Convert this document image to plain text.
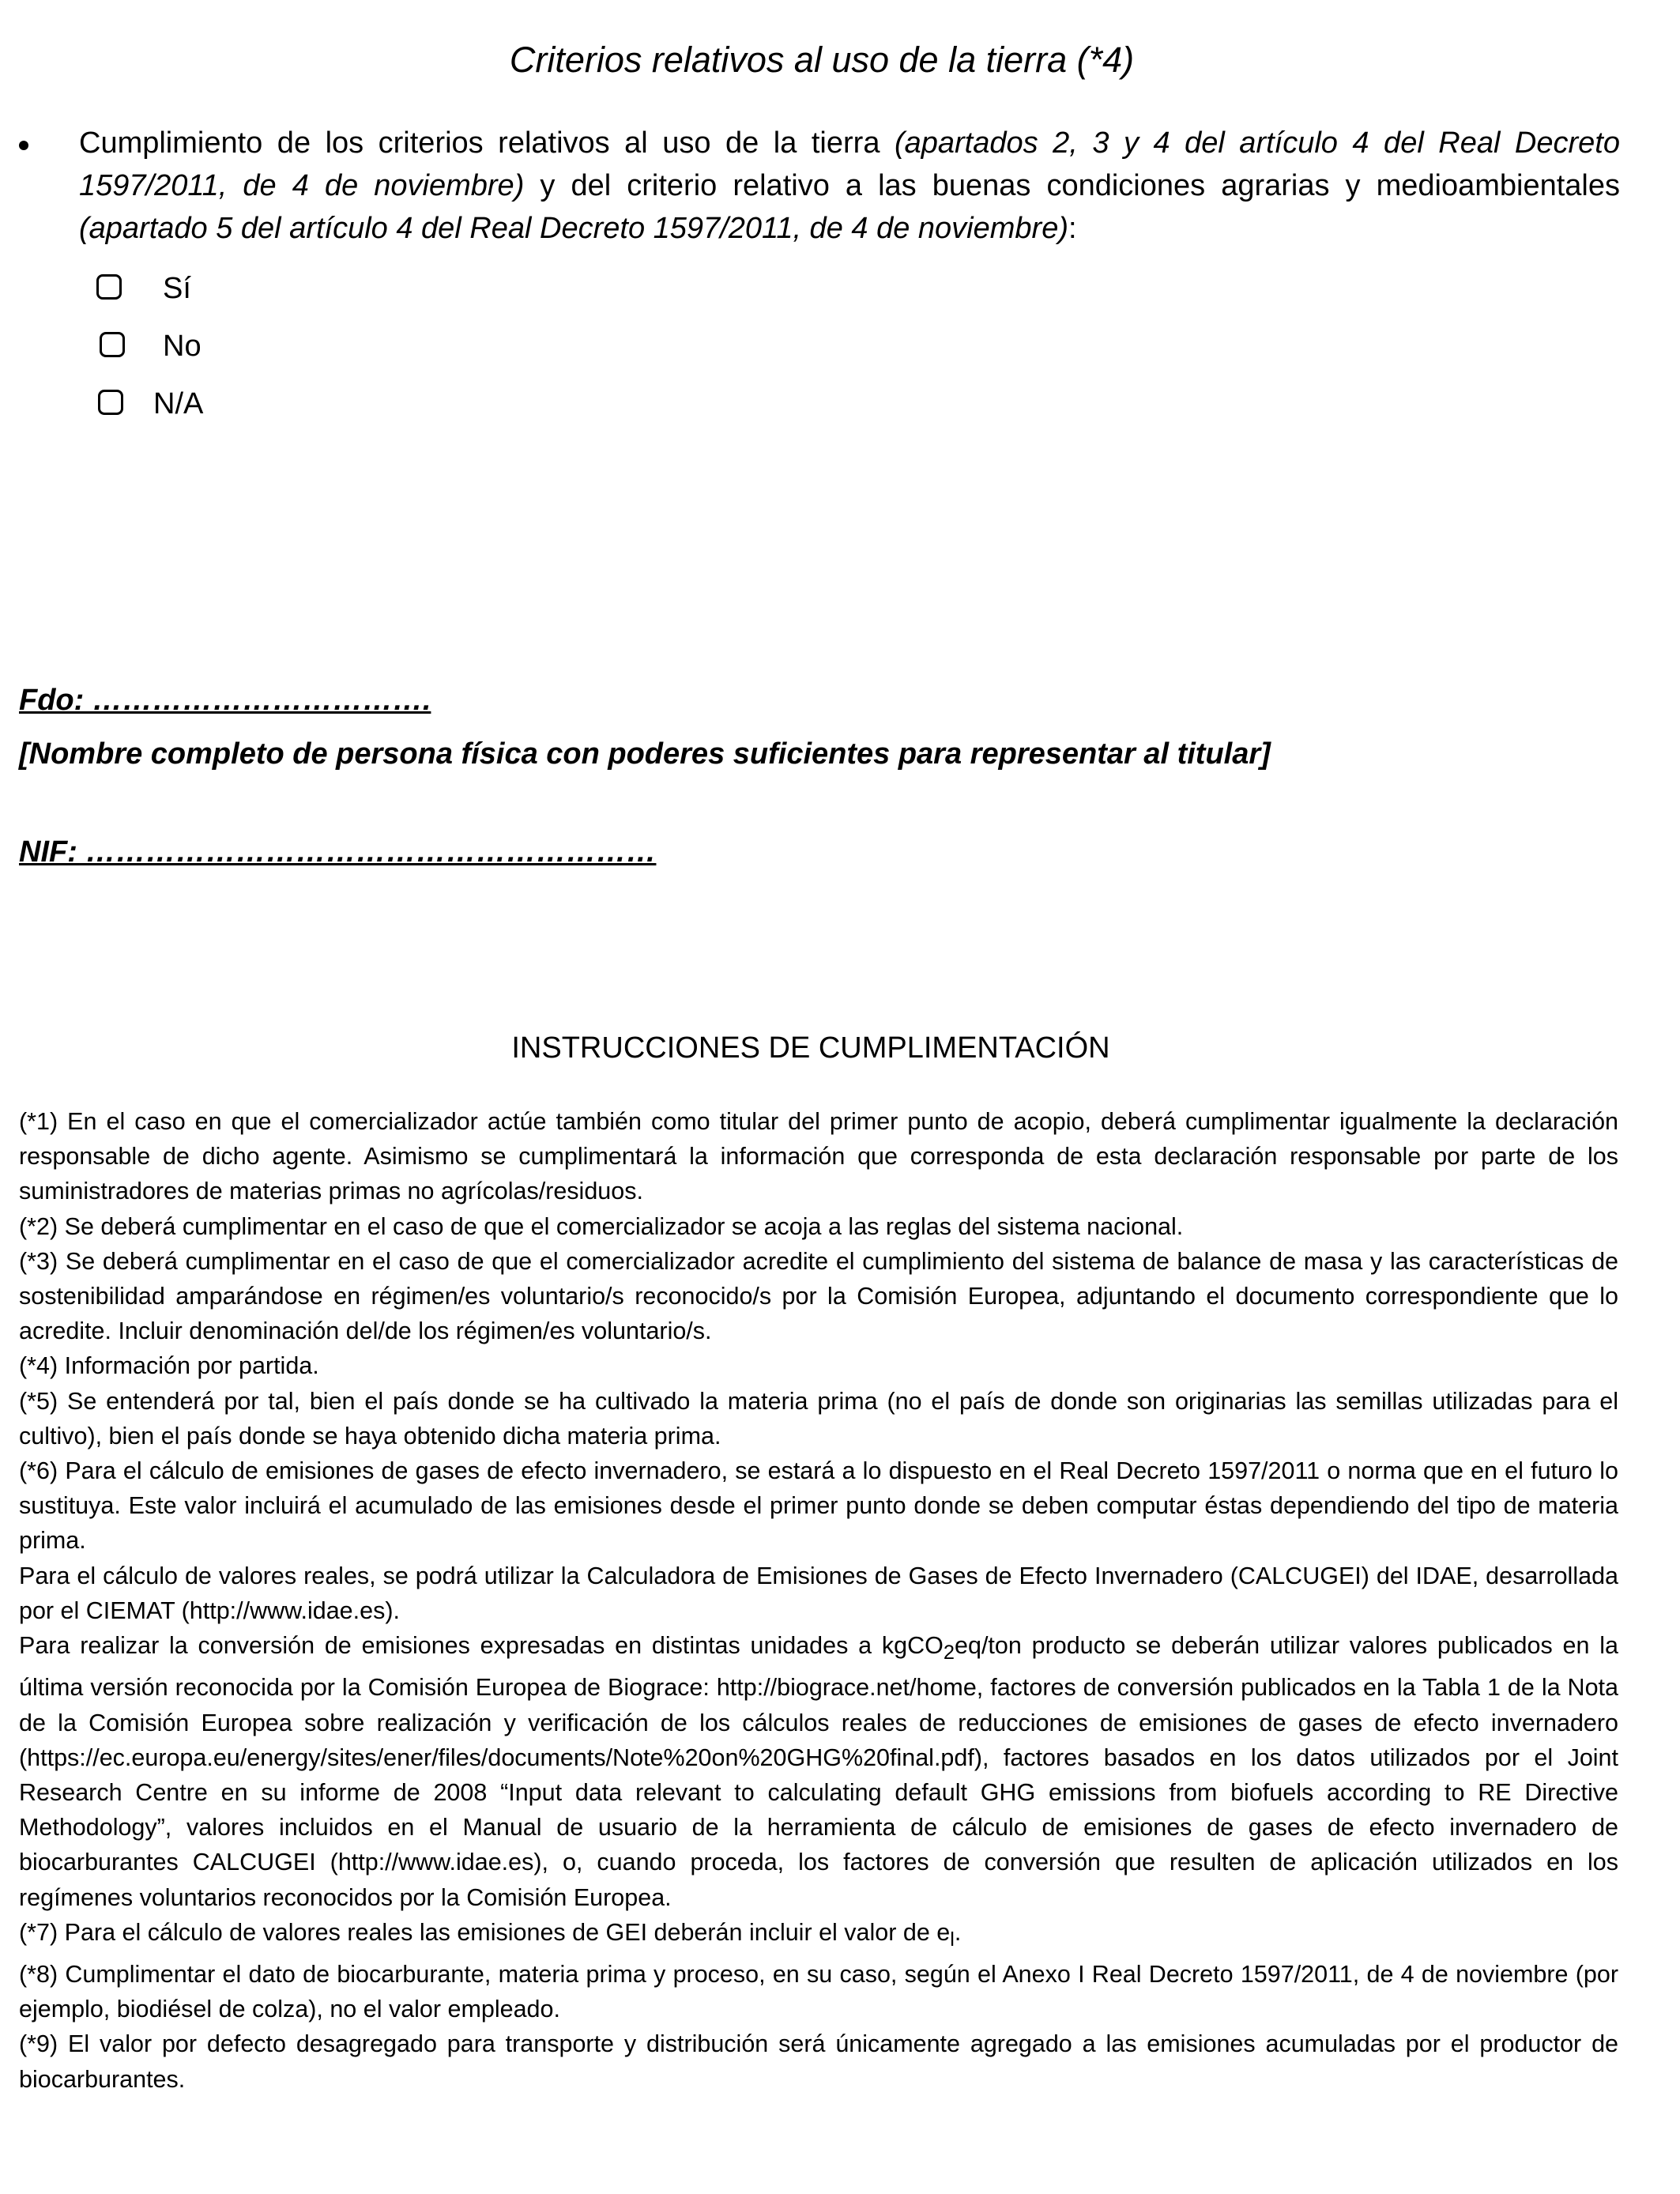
Criterios relativos al uso de la tierra (*4)
Cumplimiento de los criterios relativos al uso de la tierra (apartados 2, 3 y 4 del artículo 4 del Real Decreto 1597/2011, de 4 de noviembre) y del criterio relativo a las buenas condiciones agrarias y medioambientales (apartado 5 del artículo 4 del Real Decreto 1597/2011, de 4 de noviembre):
Sí
No
N/A
Fdo: …………………………….
[Nombre completo de persona física con poderes suficientes para representar al titular]
NIF: …………………………………………………
INSTRUCCIONES DE CUMPLIMENTACIÓN

(*1) En el caso en que el comercializador actúe también como titular del primer punto de acopio, deberá cumplimentar igualmente la declaración responsable de dicho agente. Asimismo se cumplimentará la información que corresponda de esta declaración responsable por parte de los suministradores de materias primas no agrícolas/residuos.

(*2) Se deberá cumplimentar en el caso de que el comercializador se acoja a las reglas del sistema nacional.

(*3) Se deberá cumplimentar en el caso de que el comercializador acredite el cumplimiento del sistema de balance de masa y las características de sostenibilidad amparándose en régimen/es voluntario/s reconocido/s por la Comisión Europea, adjuntando el documento correspondiente que lo acredite. Incluir denominación del/de los régimen/es voluntario/s.

(*4) Información por partida.

(*5) Se entenderá por tal, bien el país donde se ha cultivado la materia prima (no el país de donde son originarias las semillas utilizadas para el cultivo), bien el país donde se haya obtenido dicha materia prima.

(*6) Para el cálculo de emisiones de gases de efecto invernadero, se estará a lo dispuesto en el Real Decreto 1597/2011 o norma que en el futuro lo sustituya. Este valor incluirá el acumulado de las emisiones desde el primer punto donde se deben computar éstas dependiendo del tipo de materia prima.

Para el cálculo de valores reales, se podrá utilizar la Calculadora de Emisiones de Gases de Efecto Invernadero (CALCUGEI) del IDAE, desarrollada por el CIEMAT (http://www.idae.es).

Para realizar la conversión de emisiones expresadas en distintas unidades a kgCO$_2$eq/ton producto se deberán utilizar valores publicados en la última versión reconocida por la Comisión Europea de Biograce: http://biograce.net/home, factores de conversión publicados en la Tabla 1 de la Nota de la Comisión Europea sobre realización y verificación de los cálculos reales de reducciones de emisiones de gases de efecto invernadero (https://ec.europa.eu/energy/sites/ener/files/documents/Note%20on%20GHG%20final.pdf), factores basados en los datos utilizados por el Joint Research Centre en su informe de 2008 “Input data relevant to calculating default GHG emissions from biofuels according to RE Directive Methodology”, valores incluidos en el Manual de usuario de la herramienta de cálculo de emisiones de gases de efecto invernadero de biocarburantes CALCUGEI (http://www.idae.es), o, cuando proceda, los factores de conversión que resulten de aplicación utilizados en los regímenes voluntarios reconocidos por la Comisión Europea.

(*7) Para el cálculo de valores reales las emisiones de GEI deberán incluir el valor de $e_l$.

(*8) Cumplimentar el dato de biocarburante, materia prima y proceso, en su caso, según el Anexo I Real Decreto 1597/2011, de 4 de noviembre (por ejemplo, biodiésel de colza), no el valor empleado.

(*9) El valor por defecto desagregado para transporte y distribución será únicamente agregado a las emisiones acumuladas por el productor de biocarburantes.
